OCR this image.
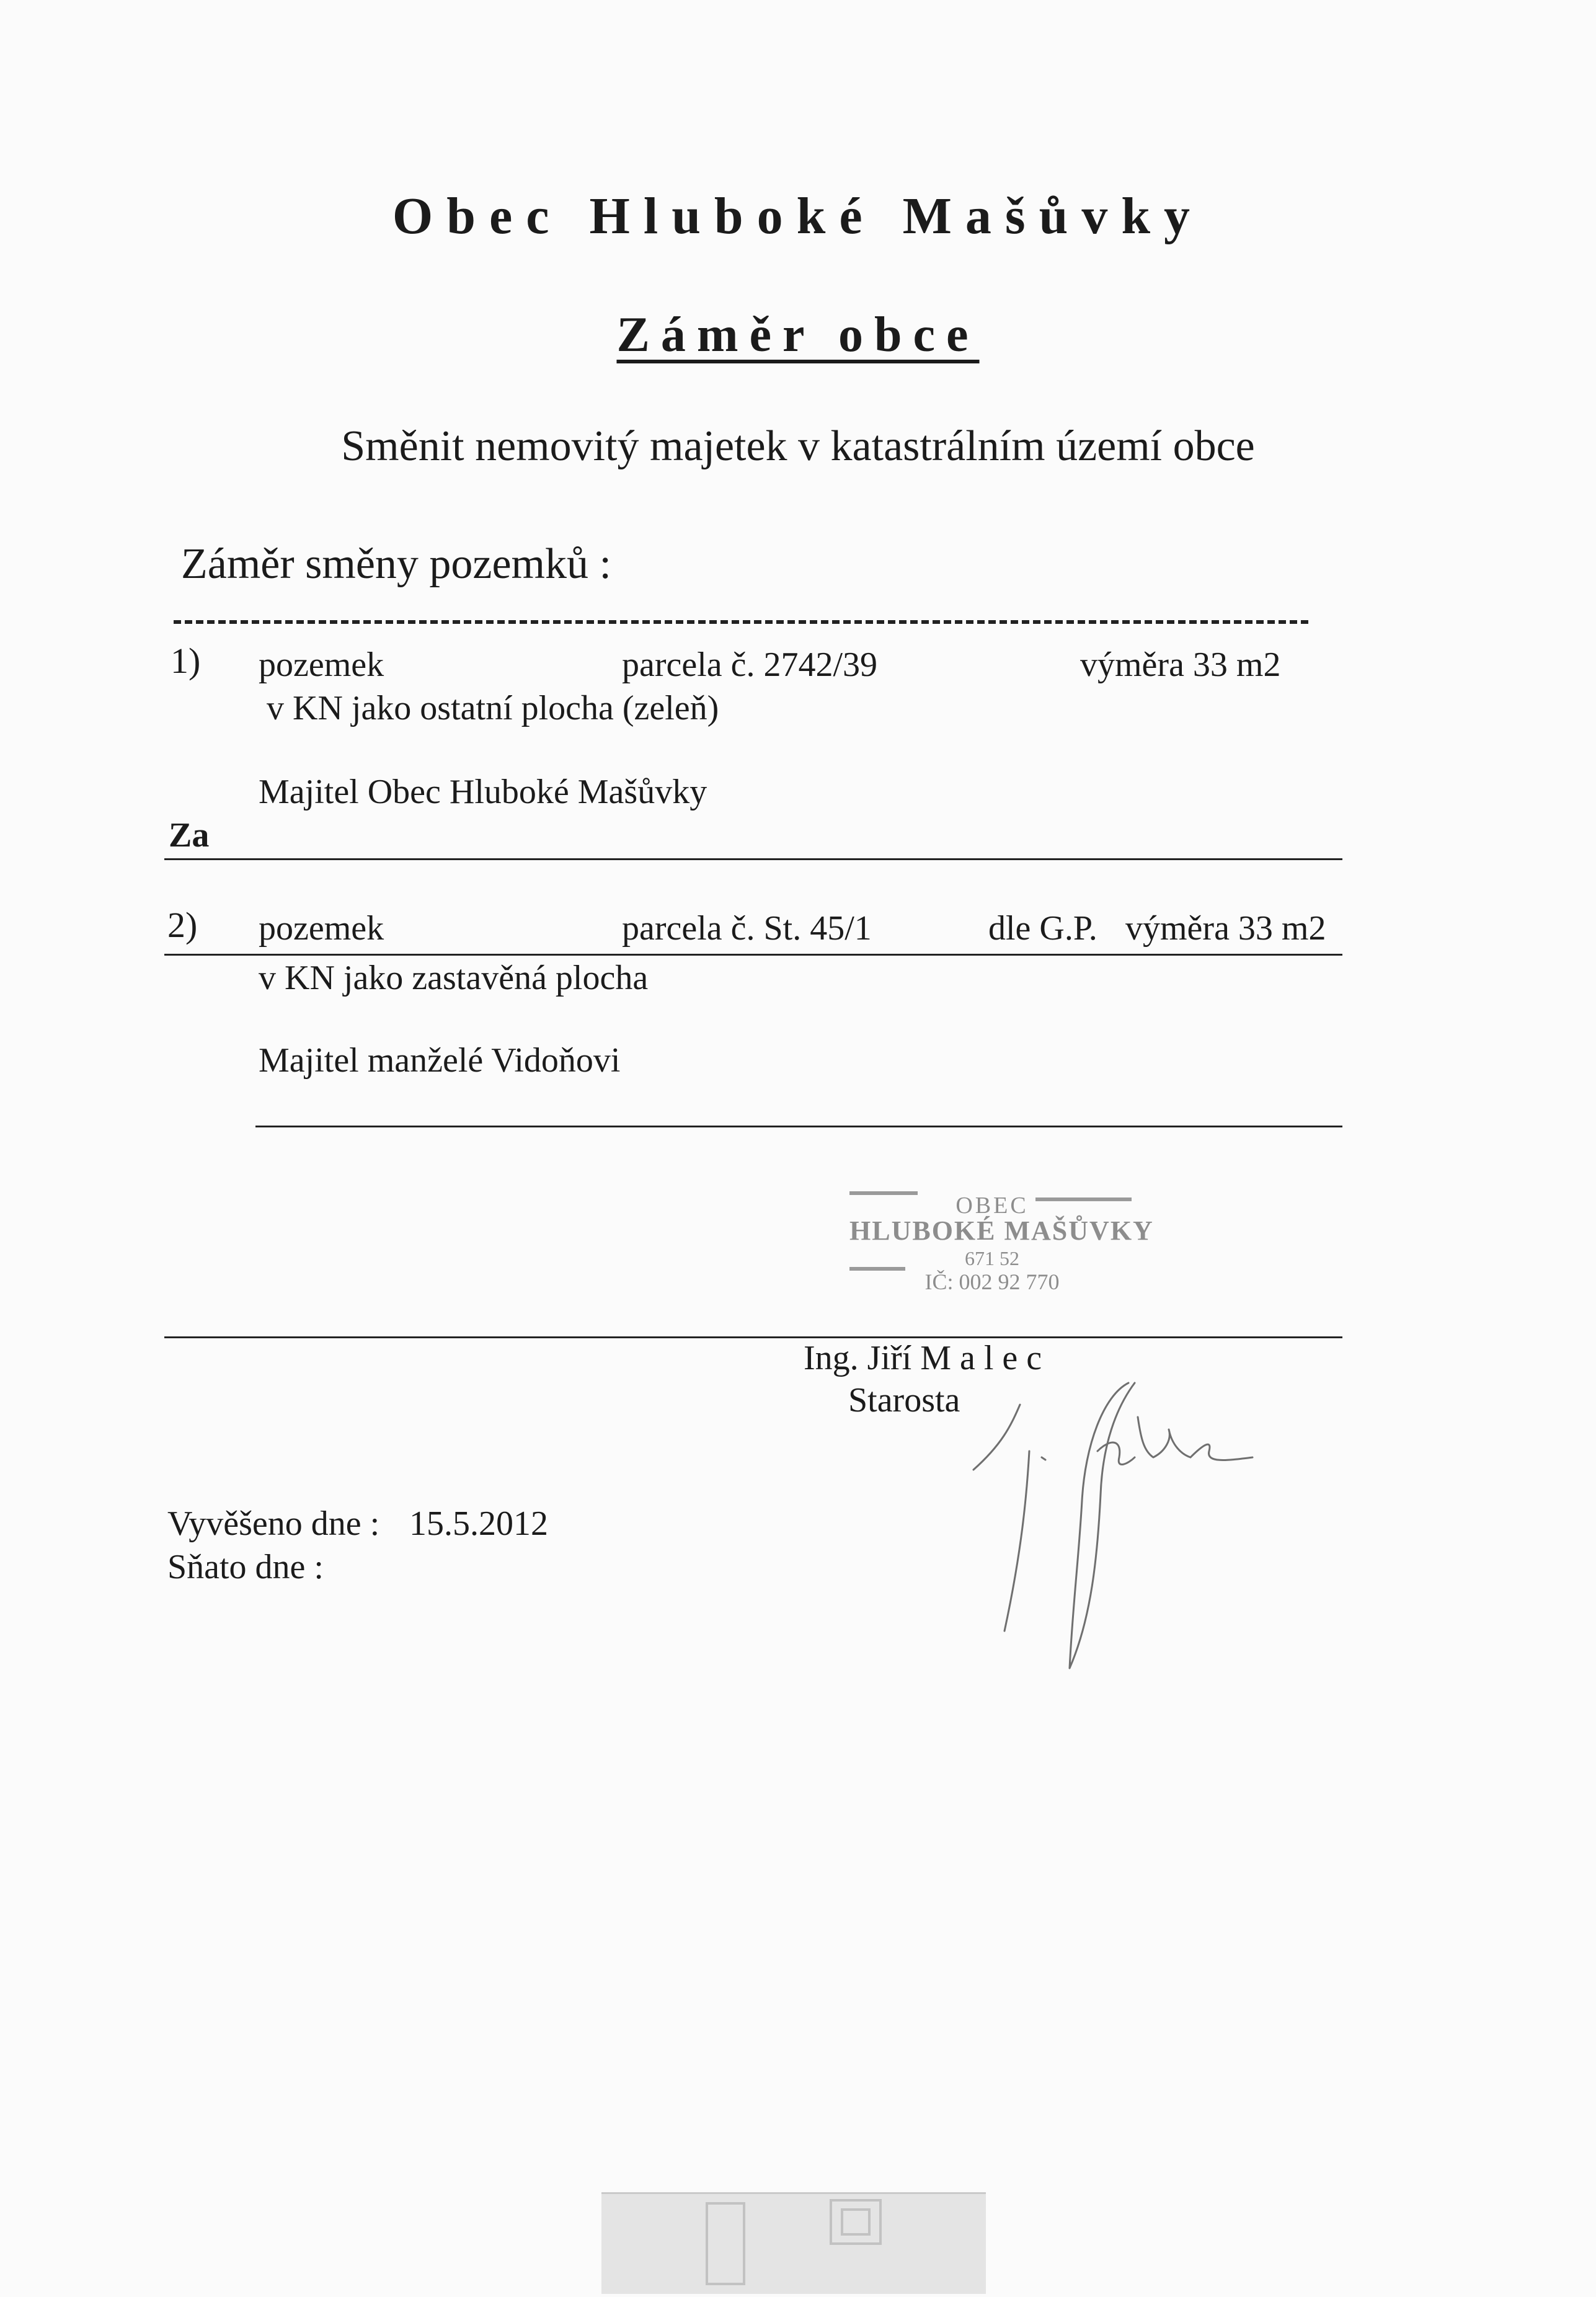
Obec Hluboké Mašůvky
Záměr obce
Směnit nemovitý majetek v katastrálním území obce
Záměr směny pozemků :
1) pozemek	parcela č. 2742/39	výměra 33 m2
v KN jako ostatní plocha (zeleň)
Majitel Obec Hluboké Mašůvky
Za
2) pozemek	parcela č. St. 45/1	dle G.P. výměra 33 m2
v KN jako zastavěná plocha
Majitel manželé Vidoňovi
OBEC
HLUBOKÉ MAŠŮVKY
671 52
IČ: 002 92 770
Ing. Jiří M a l e c
Starosta
Vyvěšeno dne : 15.5.2012
Sňato dne :
